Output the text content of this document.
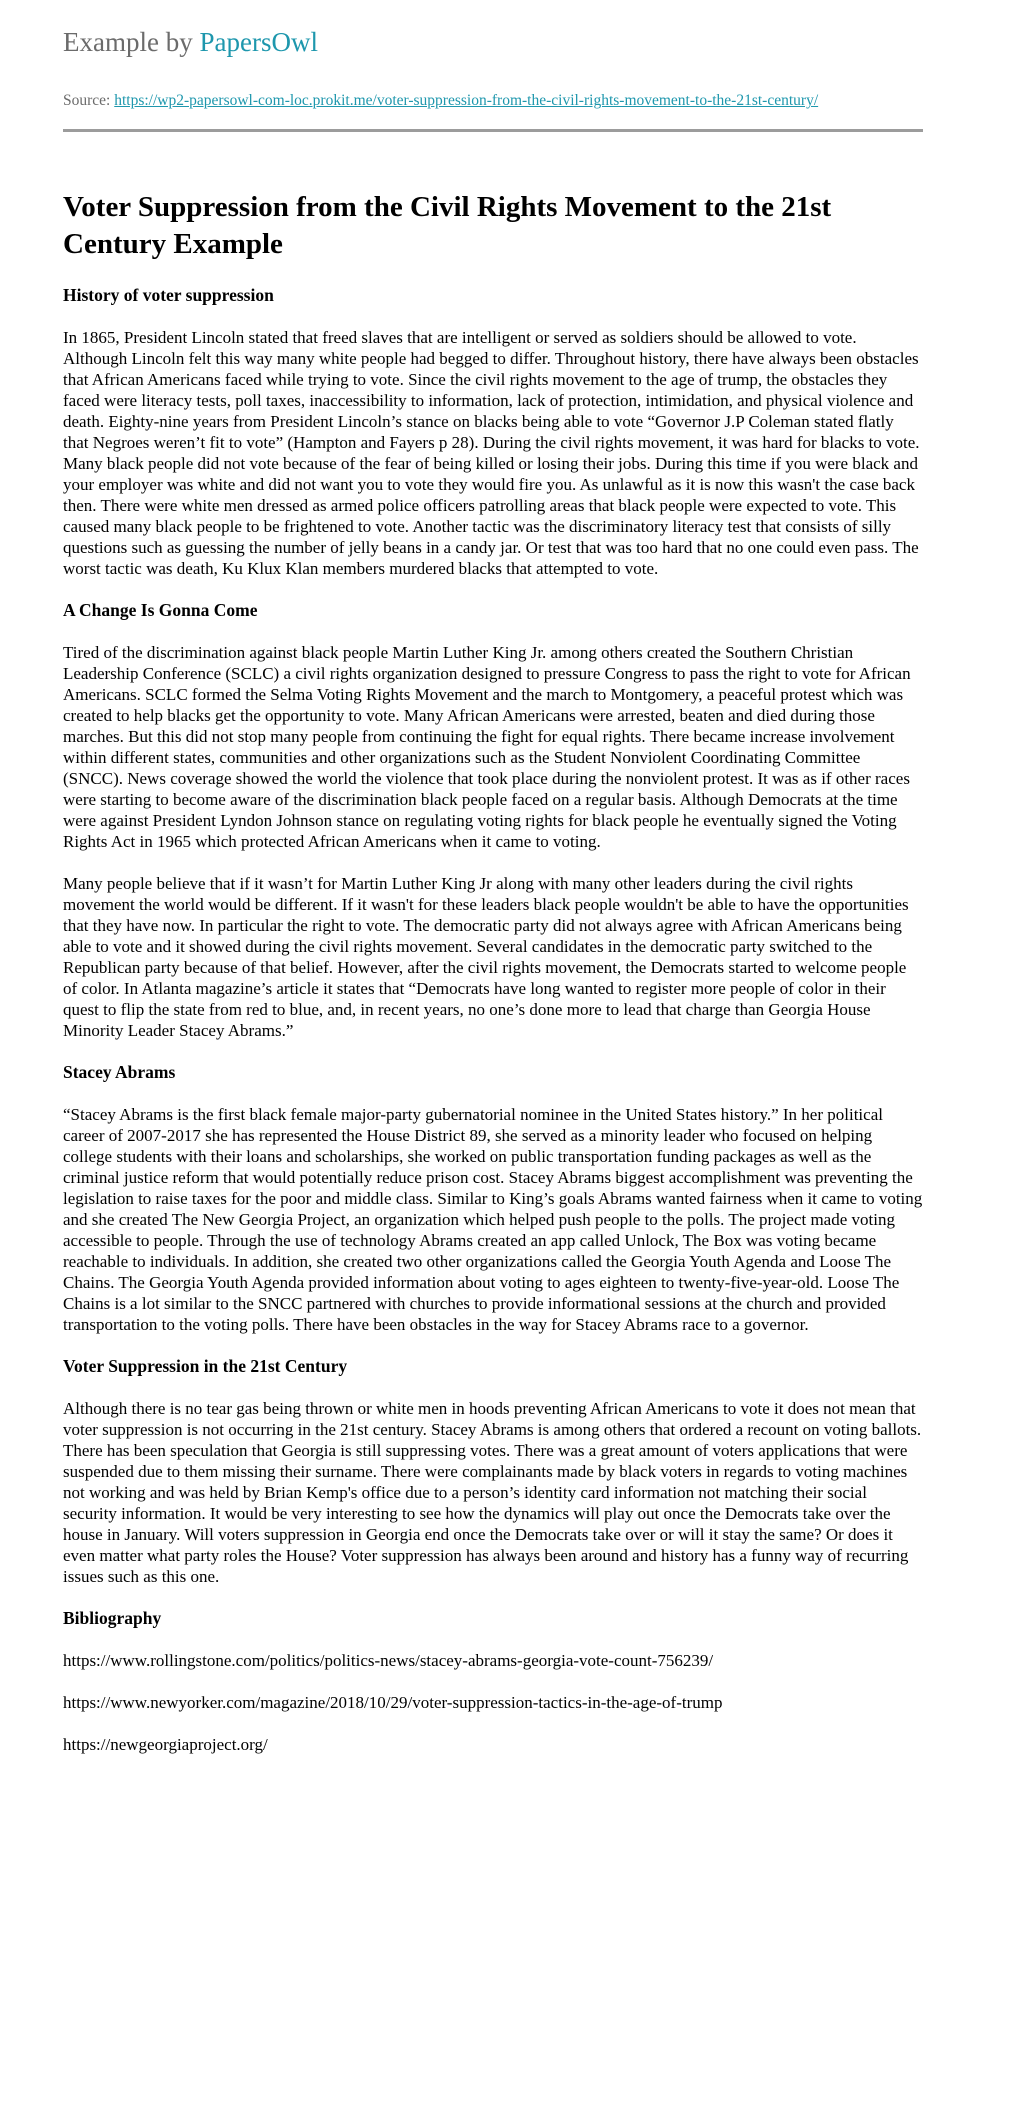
Example by PapersOwl
Source: https://wp2-papersowl-com-loc.prokit.me/voter-suppression-from-the-civil-rights-movement-to-the-21st-century/
Voter Suppression from the Civil Rights Movement to the 21st Century Example
History of voter suppression

In 1865, President Lincoln stated that freed slaves that are intelligent or served as soldiers should be allowed to vote. Although Lincoln felt this way many white people had begged to differ. Throughout history, there have always been obstacles that African Americans faced while trying to vote. Since the civil rights movement to the age of trump, the obstacles they faced were literacy tests, poll taxes, inaccessibility to information, lack of protection, intimidation, and physical violence and death. Eighty-nine years from President Lincoln’s stance on blacks being able to vote “Governor J.P Coleman stated flatly that Negroes weren’t fit to vote” (Hampton and Fayers p 28). During the civil rights movement, it was hard for blacks to vote. Many black people did not vote because of the fear of being killed or losing their jobs. During this time if you were black and your employer was white and did not want you to vote they would fire you. As unlawful as it is now this wasn't the case back then. There were white men dressed as armed police officers patrolling areas that black people were expected to vote. This caused many black people to be frightened to vote. Another tactic was the discriminatory literacy test that consists of silly questions such as guessing the number of jelly beans in a candy jar. Or test that was too hard that no one could even pass. The worst tactic was death, Ku Klux Klan members murdered blacks that attempted to vote.

A Change Is Gonna Come

Tired of the discrimination against black people Martin Luther King Jr. among others created the Southern Christian Leadership Conference (SCLC) a civil rights organization designed to pressure Congress to pass the right to vote for African Americans. SCLC formed the Selma Voting Rights Movement and the march to Montgomery, a peaceful protest which was created to help blacks get the opportunity to vote. Many African Americans were arrested, beaten and died during those marches. But this did not stop many people from continuing the fight for equal rights. There became increase involvement within different states, communities and other organizations such as the Student Nonviolent Coordinating Committee (SNCC). News coverage showed the world the violence that took place during the nonviolent protest. It was as if other races were starting to become aware of the discrimination black people faced on a regular basis. Although Democrats at the time were against President Lyndon Johnson stance on regulating voting rights for black people he eventually signed the Voting Rights Act in 1965 which protected African Americans when it came to voting.

Many people believe that if it wasn’t for Martin Luther King Jr along with many other leaders during the civil rights movement the world would be different. If it wasn't for these leaders black people wouldn't be able to have the opportunities that they have now. In particular the right to vote. The democratic party did not always agree with African Americans being able to vote and it showed during the civil rights movement. Several candidates in the democratic party switched to the Republican party because of that belief. However, after the civil rights movement, the Democrats started to welcome people of color. In Atlanta magazine’s article it states that “Democrats have long wanted to register more people of color in their quest to flip the state from red to blue, and, in recent years, no one’s done more to lead that charge than Georgia House Minority Leader Stacey Abrams.”

Stacey Abrams

“Stacey Abrams is the first black female major-party gubernatorial nominee in the United States history.” In her political career of 2007-2017 she has represented the House District 89, she served as a minority leader who focused on helping college students with their loans and scholarships, she worked on public transportation funding packages as well as the criminal justice reform that would potentially reduce prison cost. Stacey Abrams biggest accomplishment was preventing the legislation to raise taxes for the poor and middle class. Similar to King’s goals Abrams wanted fairness when it came to voting and she created The New Georgia Project, an organization which helped push people to the polls. The project made voting accessible to people. Through the use of technology Abrams created an app called Unlock, The Box was voting became reachable to individuals. In addition, she created two other organizations called the Georgia Youth Agenda and Loose The Chains. The Georgia Youth Agenda provided information about voting to ages eighteen to twenty-five-year-old. Loose The Chains is a lot similar to the SNCC partnered with churches to provide informational sessions at the church and provided transportation to the voting polls. There have been obstacles in the way for Stacey Abrams race to a governor.

Voter Suppression in the 21st Century

Although there is no tear gas being thrown or white men in hoods preventing African Americans to vote it does not mean that voter suppression is not occurring in the 21st century. Stacey Abrams is among others that ordered a recount on voting ballots. There has been speculation that Georgia is still suppressing votes. There was a great amount of voters applications that were suspended due to them missing their surname. There were complainants made by black voters in regards to voting machines not working and was held by Brian Kemp's office due to a person’s identity card information not matching their social security information. It would be very interesting to see how the dynamics will play out once the Democrats take over the house in January. Will voters suppression in Georgia end once the Democrats take over or will it stay the same? Or does it even matter what party roles the House? Voter suppression has always been around and history has a funny way of recurring issues such as this one.

Bibliography

https://www.rollingstone.com/politics/politics-news/stacey-abrams-georgia-vote-count-756239/

https://www.newyorker.com/magazine/2018/10/29/voter-suppression-tactics-in-the-age-of-trump

https://newgeorgiaproject.org/
